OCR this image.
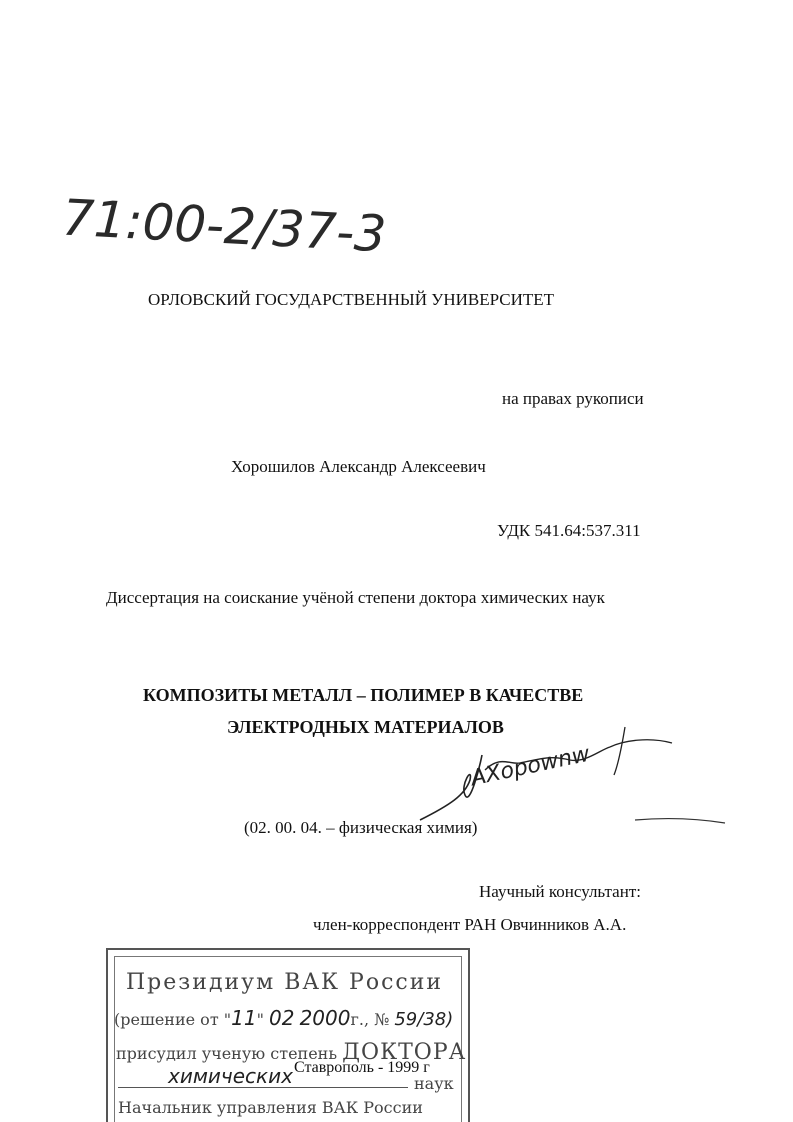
71:00-2/37-3
ОРЛОВСКИЙ ГОСУДАРСТВЕННЫЙ УНИВЕРСИТЕТ
на правах рукописи
Хорошилов Александр Алексеевич
УДК 541.64:537.311
Диссертация на соискание учёной степени доктора химических наук
КОМПОЗИТЫ МЕТАЛЛ – ПОЛИМЕР В КАЧЕСТВЕ
ЭЛЕКТРОДНЫХ МАТЕРИАЛОВ
AXopownw
(02. 00. 04. – физическая химия)
Научный консультант:
член-корреспондент РАН Овчинников А.А.
Президиум ВАК России
(решение от "11" 02 2000г., № 59/38)
присудил ученую степень ДОКТОРА
химических	наук
Начальник управления ВАК России
Ставрополь - 1999 г
